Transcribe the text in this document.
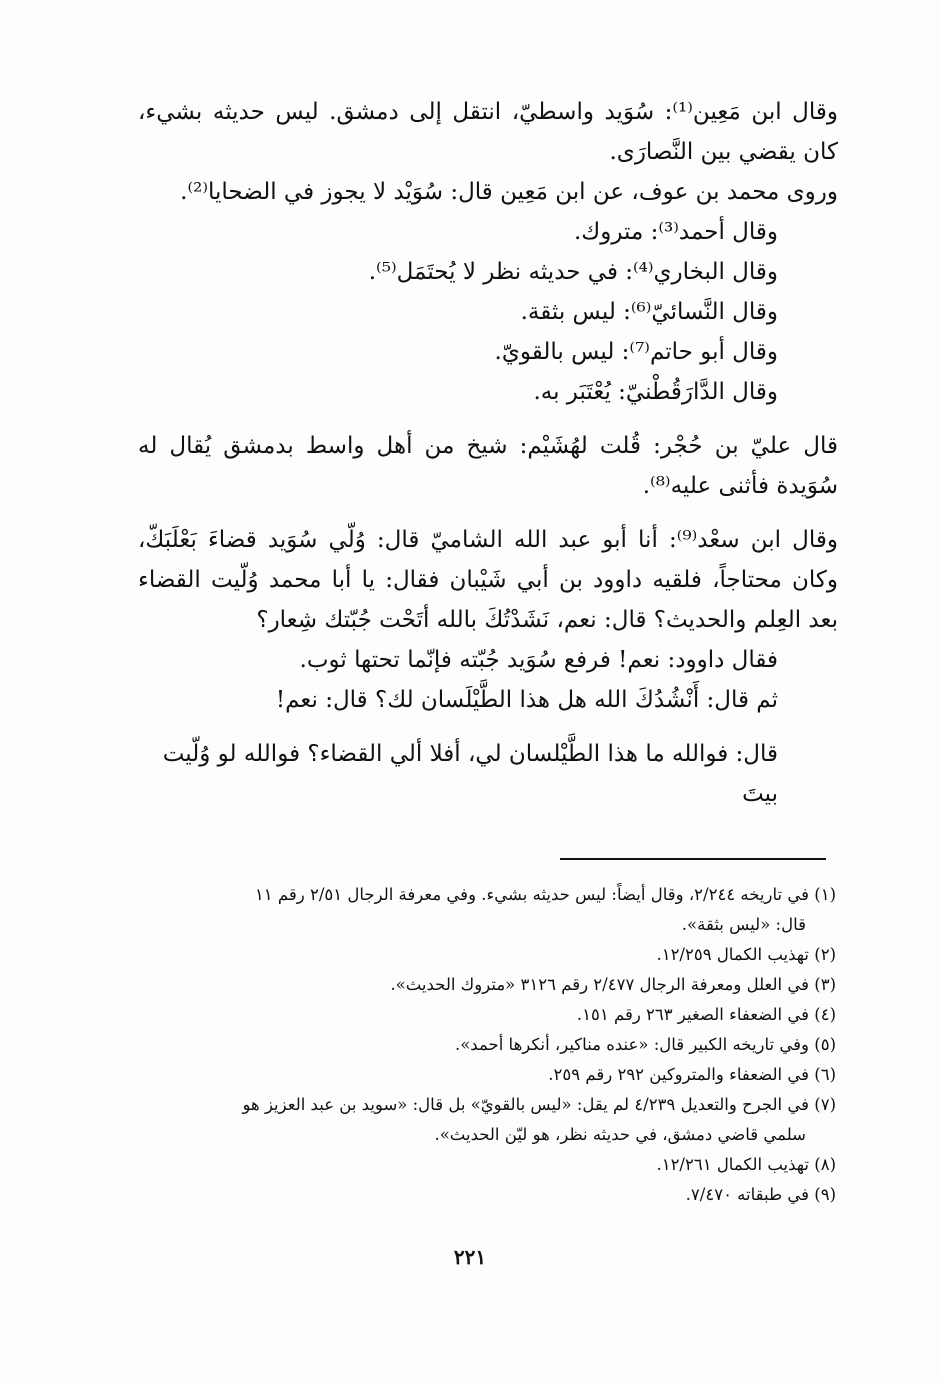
وقال ابن مَعِين⁽¹⁾: سُوَيد واسطيّ، انتقل إلى دمشق. ليس حديثه بشيء، كان يقضي بين النَّصارَى.

وروى محمد بن عوف، عن ابن مَعِين قال: سُوَيْد لا يجوز في الضحايا⁽²⁾.

وقال أحمد⁽³⁾: متروك.

وقال البخاري⁽⁴⁾: في حديثه نظر لا يُحتَمَل⁽⁵⁾.

وقال النَّسائيّ⁽⁶⁾: ليس بثقة.

وقال أبو حاتم⁽⁷⁾: ليس بالقويّ.

وقال الدَّارَقُطْنيّ: يُعْتَبَر به.

قال عليّ بن حُجْر: قُلت لهُشَيْم: شيخ من أهل واسط بدمشق يُقال له سُوَيدة فأثنى عليه⁽⁸⁾.

وقال ابن سعْد⁽⁹⁾: أنا أبو عبد الله الشاميّ قال: وُلّي سُوَيد قضاءَ بَعْلَبَكّ، وكان محتاجاً، فلقيه داوود بن أبي شَيْبان فقال: يا أبا محمد وُلّيت القضاء بعد العِلم والحديث؟ قال: نعم، نَشَدْتُكَ بالله أتَحْت جُبّتك شِعار؟

فقال داوود: نعم! فرفع سُوَيد جُبّته فإنّما تحتها ثوب.

ثم قال: أَنْشُدُكَ الله هل هذا الطَّيْلَسان لك؟ قال: نعم!

قال: فوالله ما هذا الطَّيْلسان لي، أفلا ألي القضاء؟ فوالله لو وُلّيت بيتَ

(١) في تاريخه ٢/٢٤٤، وقال أيضاً: ليس حديثه بشيء. وفي معرفة الرجال ٢/٥١ رقم ١١
قال: «ليس بثقة».

(٢) تهذيب الكمال ١٢/٢٥٩.

(٣) في العلل ومعرفة الرجال ٢/٤٧٧ رقم ٣١٢٦ «متروك الحديث».

(٤) في الضعفاء الصغير ٢٦٣ رقم ١٥١.

(٥) وفي تاريخه الكبير قال: «عنده مناكير، أنكرها أحمد».

(٦) في الضعفاء والمتروكين ٢٩٢ رقم ٢٥٩.

(٧) في الجرح والتعديل ٤/٢٣٩ لم يقل: «ليس بالقويّ» بل قال: «سويد بن عبد العزيز هو
سلمي قاضي دمشق، في حديثه نظر، هو ليّن الحديث».

(٨) تهذيب الكمال ١٢/٢٦١.

(٩) في طبقاته ٧/٤٧٠.

٢٢١
